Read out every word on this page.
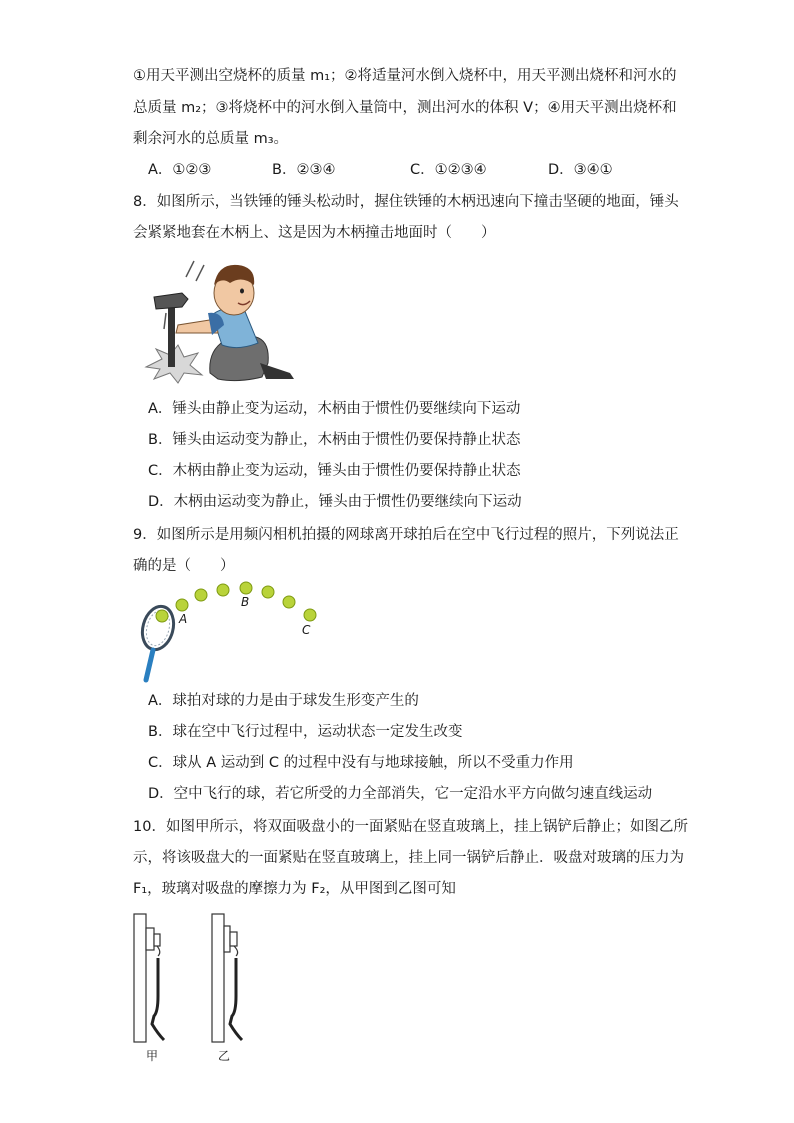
①用天平测出空烧杯的质量 m₁；②将适量河水倒入烧杯中，用天平测出烧杯和河水的
总质量 m₂；③将烧杯中的河水倒入量筒中，测出河水的体积 V；④用天平测出烧杯和
剩余河水的总质量 m₃。
A．①②③	B．②③④	C．①②③④	D．③④①
8．如图所示，当铁锤的锤头松动时，握住铁锤的木柄迅速向下撞击坚硬的地面，锤头
会紧紧地套在木柄上、这是因为木柄撞击地面时（　　）
A．锤头由静止变为运动，木柄由于惯性仍要继续向下运动
B．锤头由运动变为静止，木柄由于惯性仍要保持静止状态
C．木柄由静止变为运动，锤头由于惯性仍要保持静止状态
D．木柄由运动变为静止，锤头由于惯性仍要继续向下运动
9．如图所示是用频闪相机拍摄的网球离开球拍后在空中飞行过程的照片，下列说法正
确的是（　　）
A
B
C
A．球拍对球的力是由于球发生形变产生的
B．球在空中飞行过程中，运动状态一定发生改变
C．球从 A 运动到 C 的过程中没有与地球接触，所以不受重力作用
D．空中飞行的球，若它所受的力全部消失，它一定沿水平方向做匀速直线运动
10．如图甲所示，将双面吸盘小的一面紧贴在竖直玻璃上，挂上锅铲后静止；如图乙所
示，将该吸盘大的一面紧贴在竖直玻璃上，挂上同一锅铲后静止．吸盘对玻璃的压力为
F₁，玻璃对吸盘的摩擦力为 F₂，从甲图到乙图可知
甲	乙
